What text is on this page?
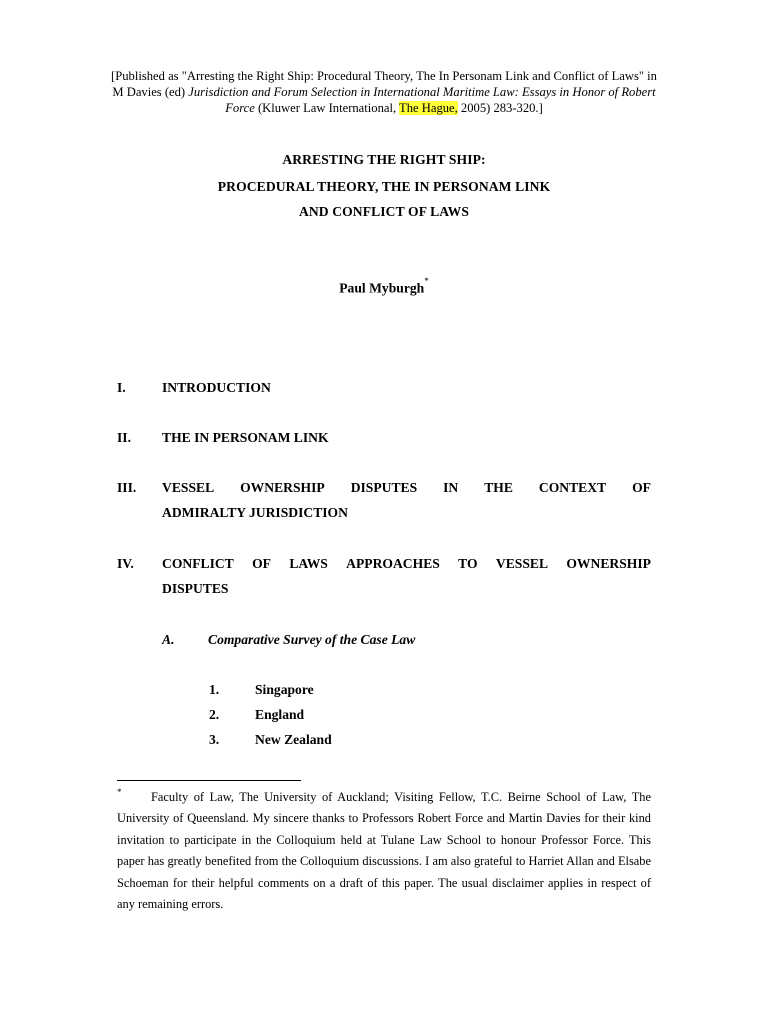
[Published as "Arresting the Right Ship: Procedural Theory, The In Personam Link and Conflict of Laws" in M Davies (ed) Jurisdiction and Forum Selection in International Maritime Law: Essays in Honor of Robert Force (Kluwer Law International, The Hague, 2005) 283-320.]
ARRESTING THE RIGHT SHIP:
PROCEDURAL THEORY, THE IN PERSONAM LINK
AND CONFLICT OF LAWS
Paul Myburgh*
I.	INTRODUCTION
II. THE IN PERSONAM LINK
III. VESSEL OWNERSHIP DISPUTES IN THE CONTEXT OF
ADMIRALTY JURISDICTION
IV. CONFLICT OF LAWS APPROACHES TO VESSEL OWNERSHIP
DISPUTES
A. Comparative Survey of the Case Law
1.	Singapore
2.	England
3.	New Zealand
*	Faculty of Law, The University of Auckland; Visiting Fellow, T.C. Beirne School of Law, The University of Queensland. My sincere thanks to Professors Robert Force and Martin Davies for their kind invitation to participate in the Colloquium held at Tulane Law School to honour Professor Force. This paper has greatly benefited from the Colloquium discussions. I am also grateful to Harriet Allan and Elsabe Schoeman for their helpful comments on a draft of this paper. The usual disclaimer applies in respect of any remaining errors.
